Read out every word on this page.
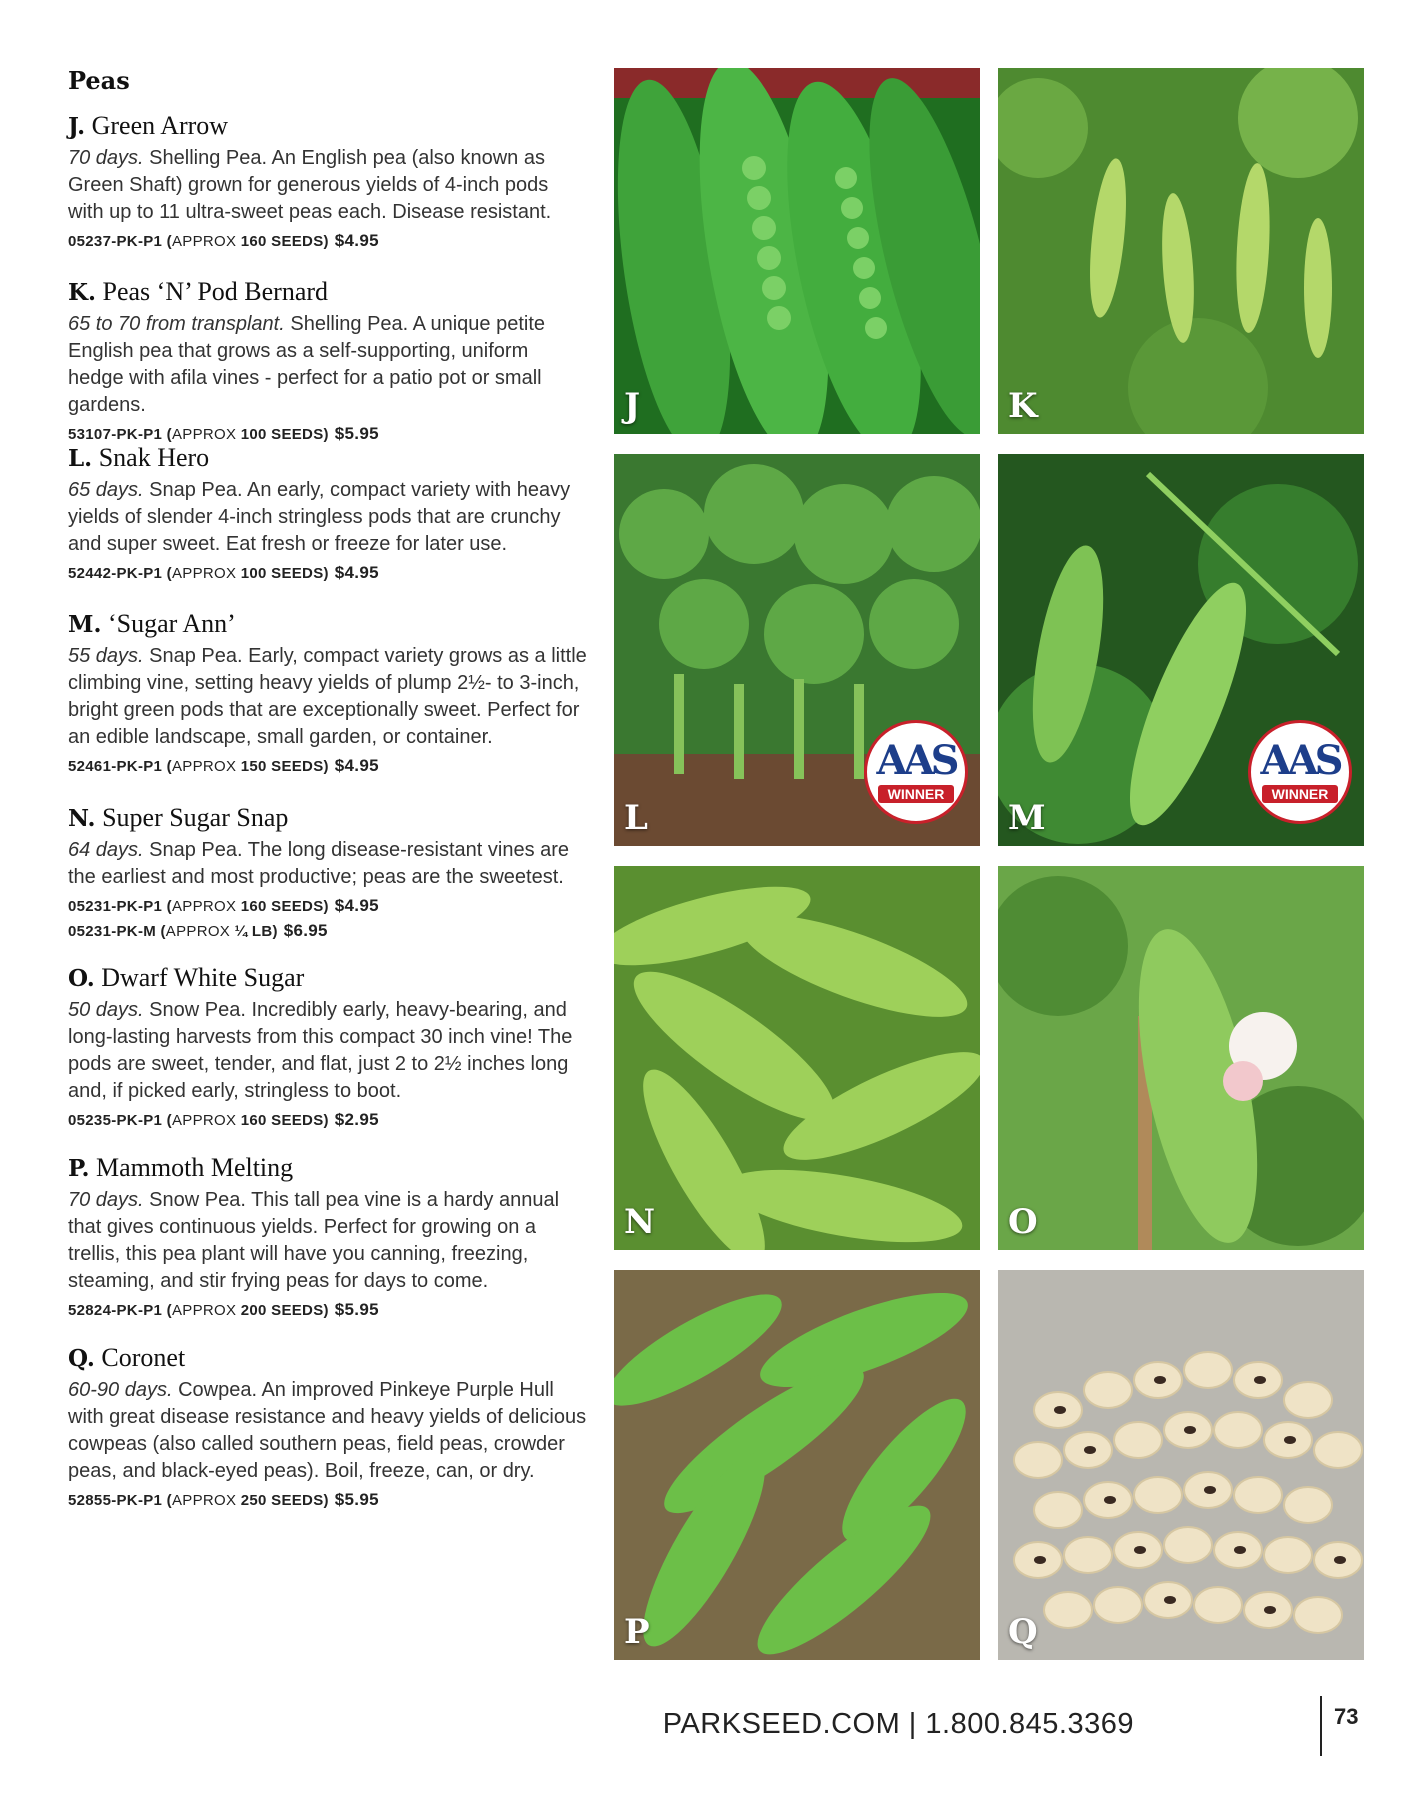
Peas
J. Green Arrow
70 days. Shelling Pea. An English pea (also known as Green Shaft) grown for generous yields of 4-inch pods with up to 11 ultra-sweet peas each. Disease resistant.
05237-PK-P1 (APPROX 160 SEEDS) $4.95
K. Peas ‘N’ Pod Bernard
65 to 70 from transplant. Shelling Pea. A unique petite English pea that grows as a self-supporting, uniform hedge with afila vines - perfect for a patio pot or small gardens.
53107-PK-P1 (APPROX 100 SEEDS) $5.95
L. Snak Hero
65 days. Snap Pea. An early, compact variety with heavy yields of slender 4-inch stringless pods that are crunchy and super sweet. Eat fresh or freeze for later use.
52442-PK-P1 (APPROX 100 SEEDS) $4.95
M. ‘Sugar Ann’
55 days. Snap Pea. Early, compact variety grows as a little climbing vine, setting heavy yields of plump 2½- to 3-inch, bright green pods that are exceptionally sweet. Perfect for an edible landscape, small garden, or container.
52461-PK-P1 (APPROX 150 SEEDS) $4.95
N. Super Sugar Snap
64 days. Snap Pea. The long disease-resistant vines are the earliest and most productive; peas are the sweetest.
05231-PK-P1 (APPROX 160 SEEDS) $4.95
05231-PK-M (APPROX ¼ LB) $6.95
O. Dwarf White Sugar
50 days. Snow Pea. Incredibly early, heavy-bearing, and long-lasting harvests from this compact 30 inch vine! The pods are sweet, tender, and flat, just 2 to 2½ inches long and, if picked early, stringless to boot.
05235-PK-P1 (APPROX 160 SEEDS) $2.95
P. Mammoth Melting
70 days. Snow Pea. This tall pea vine is a hardy annual that gives continuous yields. Perfect for growing on a trellis, this pea plant will have you canning, freezing, steaming, and stir frying peas for days to come.
52824-PK-P1 (APPROX 200 SEEDS) $5.95
Q. Coronet
60-90 days. Cowpea. An improved Pinkeye Purple Hull with great disease resistance and heavy yields of delicious cowpeas (also called southern peas, field peas, crowder peas, and black-eyed peas). Boil, freeze, can, or dry.
52855-PK-P1 (APPROX 250 SEEDS) $5.95
J	K
AAS
WINNER
L
AAS
WINNER
M
N	O
P	Q
PARKSEED.COM | 1.800.845.3369	73
